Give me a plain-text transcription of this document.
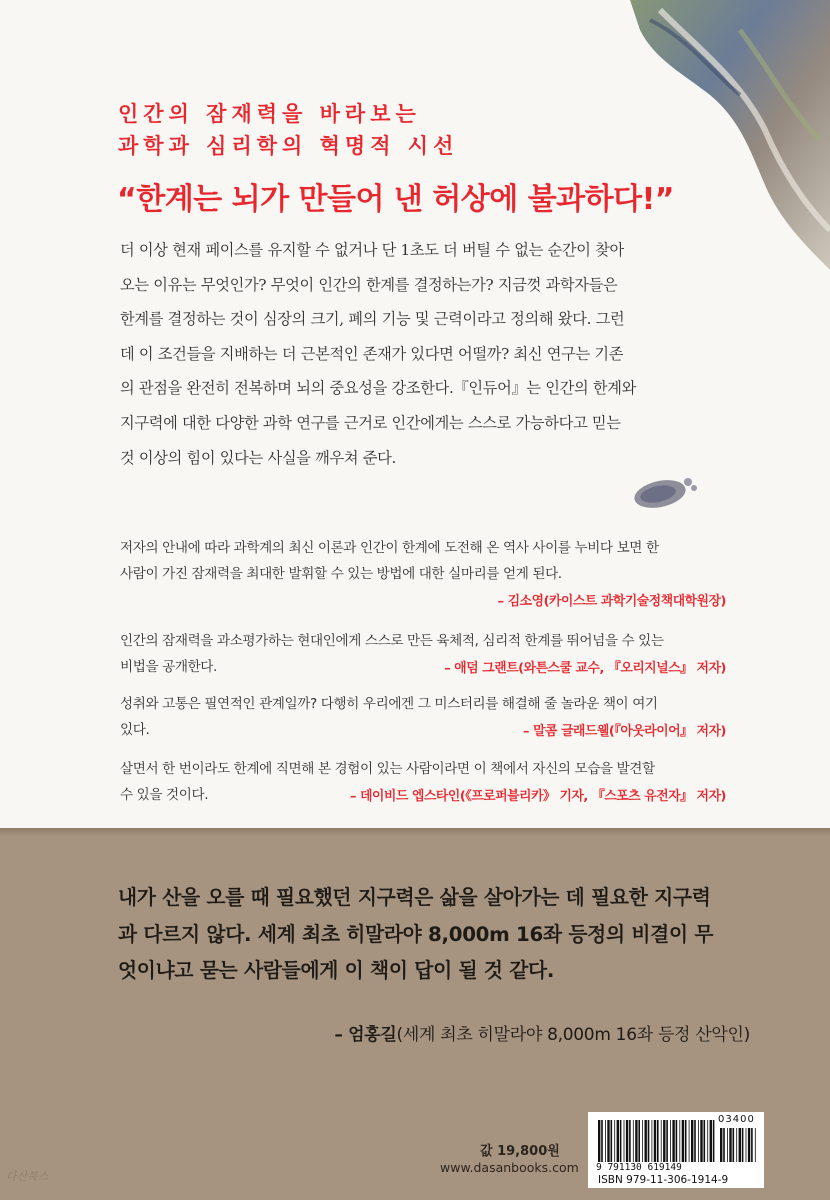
인간의 잠재력을 바라보는
과학과 심리학의 혁명적 시선
“한계는 뇌가 만들어 낸 허상에 불과하다!”
더 이상 현재 페이스를 유지할 수 없거나 단 1초도 더 버틸 수 없는 순간이 찾아
오는 이유는 무엇인가? 무엇이 인간의 한계를 결정하는가? 지금껏 과학자들은
한계를 결정하는 것이 심장의 크기, 폐의 기능 및 근력이라고 정의해 왔다. 그런
데 이 조건들을 지배하는 더 근본적인 존재가 있다면 어떨까? 최신 연구는 기존
의 관점을 완전히 전복하며 뇌의 중요성을 강조한다.『인듀어』는 인간의 한계와
지구력에 대한 다양한 과학 연구를 근거로 인간에게는 스스로 가능하다고 믿는
것 이상의 힘이 있다는 사실을 깨우쳐 준다.
저자의 안내에 따라 과학계의 최신 이론과 인간이 한계에 도전해 온 역사 사이를 누비다 보면 한
사람이 가진 잠재력을 최대한 발휘할 수 있는 방법에 대한 실마리를 얻게 된다.
– 김소영(카이스트 과학기술정책대학원장)
인간의 잠재력을 과소평가하는 현대인에게 스스로 만든 육체적, 심리적 한계를 뛰어넘을 수 있는
비법을 공개한다.	– 애덤 그랜트(와튼스쿨 교수, 『오리지널스』 저자)
성취와 고통은 필연적인 관계일까? 다행히 우리에겐 그 미스터리를 해결해 줄 놀라운 책이 여기
있다.	– 말콤 글래드웰(『아웃라이어』 저자)
살면서 한 번이라도 한계에 직면해 본 경험이 있는 사람이라면 이 책에서 자신의 모습을 발견할
수 있을 것이다.	– 데이비드 엡스타인(《프로퍼블리카》 기자, 『스포츠 유전자』 저자)
내가 산을 오를 때 필요했던 지구력은 삶을 살아가는 데 필요한 지구력
과 다르지 않다. 세계 최초 히말라야 8,000m 16좌 등정의 비결이 무
엇이냐고 묻는 사람들에게 이 책이 답이 될 것 같다.
– 엄홍길(세계 최초 히말라야 8,000m 16좌 등정 산악인)
값 19,800원
www.dasanbooks.com
03400
9 791130 619149
ISBN 979-11-306-1914-9
다산북스
